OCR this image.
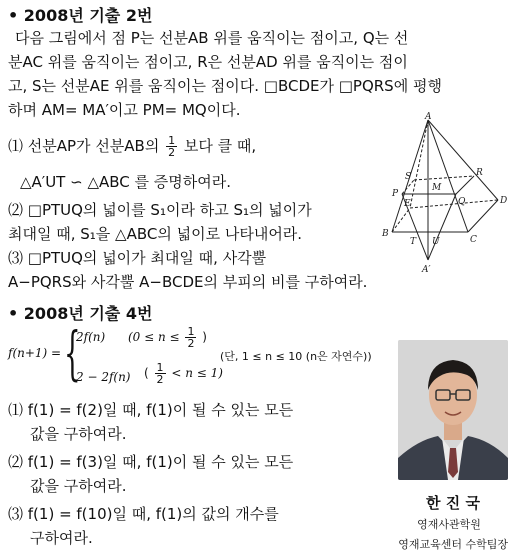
• 2008년 기출 2번
다음 그림에서 점 P는 선분AB 위를 움직이는 점이고, Q는 선
분AC 위를 움직이는 점이고, R은 선분AD 위를 움직이는 점이
고, S는 선분AE 위를 움직이는 점이다. □BCDE가 □PQRS에 평행
하며 AM= MA′이고 PM= MQ이다.
⑴ 선분AP가 선분AB의 $\frac{1}{2}$ 보다 클 때,
△A′UT ∽ △ABC 를 증명하여라.
⑵ □PTUQ의 넓이를 S₁이라 하고 S₁의 넓이가
최대일 때, S₁을 △ABC의 넓이로 나타내어라.
⑶ □PTUQ의 넓이가 최대일 때, 사각뿔
A−PQRS와 사각뿔 A−BCDE의 부피의 비를 구하여라.
A
P
S	R
Q
M
E
B
T U	C
D
A′
• 2008년 기출 4번
f(n+1) = {
2f(n) ($0 \le n \le \frac{1}{2}$ )
2 − 2f(n) ( $\frac{1}{2} < n \le 1$)
(단, 1 ≤ n ≤ 10 (n은 자연수))
⑴ f(1) = f(2)일 때, f(1)이 될 수 있는 모든
값을 구하여라.
⑵ f(1) = f(3)일 때, f(1)이 될 수 있는 모든
값을 구하여라.
⑶ f(1) = f(10)일 때, f(1)의 값의 개수를
구하여라.
한 진 국
영재사관학원
영재교육센터 수학팀장
